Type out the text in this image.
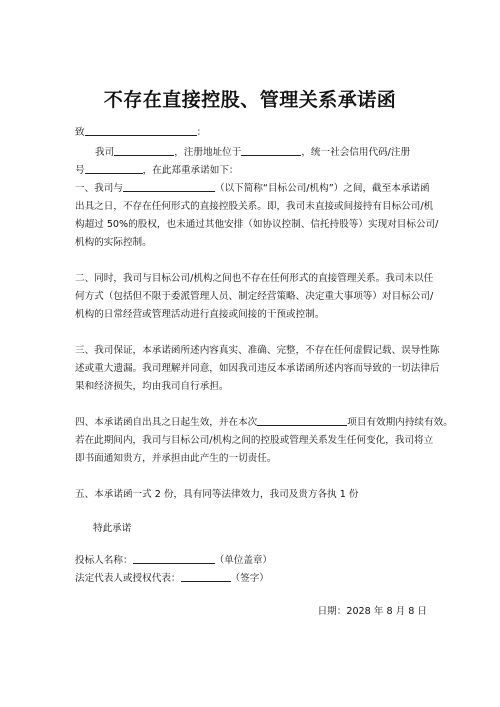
不存在直接控股、管理关系承诺函
致	：
我司	，注册地址位于	，统一社会信用代码/注册
号	，在此郑重承诺如下：
一、我司与	（以下简称“目标公司/机构”）之间，截至本承诺函
出具之日，不存在任何形式的直接控股关系。即，我司未直接或间接持有目标公司/机
构超过 50%的股权，也未通过其他安排（如协议控制、信托持股等）实现对目标公司/
机构的实际控制。
二、同时，我司与目标公司/机构之间也不存在任何形式的直接管理关系。我司未以任
何方式（包括但不限于委派管理人员、制定经营策略、决定重大事项等）对目标公司/
机构的日常经营或管理活动进行直接或间接的干预或控制。
三、我司保证，本承诺函所述内容真实、准确、完整，不存在任何虚假记载、误导性陈
述或重大遗漏。我司理解并同意，如因我司违反本承诺函所述内容而导致的一切法律后
果和经济损失，均由我司自行承担。
四、本承诺函自出具之日起生效，并在本次	项目有效期内持续有效。
若在此期间内，我司与目标公司/机构之间的控股或管理关系发生任何变化，我司将立
即书面通知贵方，并承担由此产生的一切责任。
五、本承诺函一式 2 份，具有同等法律效力，我司及贵方各执 1 份
特此承诺
投标人名称：	（单位盖章）
法定代表人或授权代表：	（签字）
日期：2028 年 8 月 8 日
